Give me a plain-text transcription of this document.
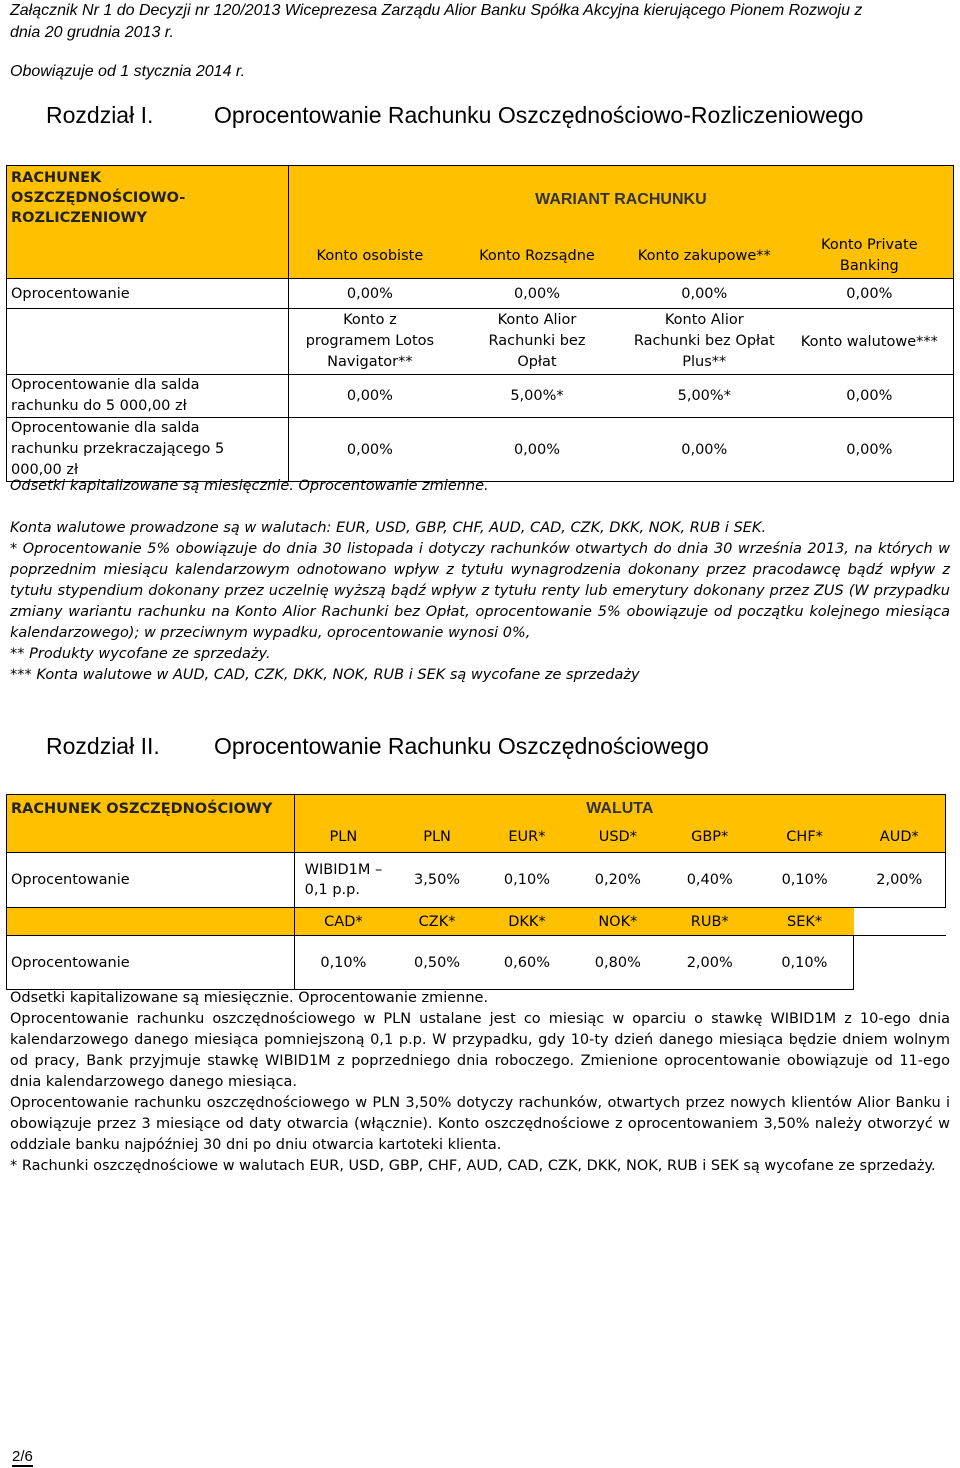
Załącznik Nr 1 do Decyzji nr 120/2013 Wiceprezesa Zarządu Alior Banku Spółka Akcyjna kierującego Pionem Rozwoju z
dnia 20 grudnia 2013 r.
Obowiązuje od 1 stycznia 2014 r.
Rozdział I.	Oprocentowanie Rachunku Oszczędnościowo-Rozliczeniowego
RACHUNEK
OSZCZĘDNOŚCIOWO-
ROZLICZENIOWY	WARIANT RACHUNKU			
	Konto osobiste	Konto Rozsądne	Konto zakupowe**	Konto Private Banking
Oprocentowanie	0,00%	0,00%	0,00%	0,00%
	Konto z programem Lotos Navigator**	Konto Alior Rachunki bez Opłat	Konto Alior Rachunki bez Opłat Plus**	Konto walutowe***
Oprocentowanie dla salda rachunku do 5 000,00 zł	0,00%	5,00%*	5,00%*	0,00%
Oprocentowanie dla salda rachunku przekraczającego 5 000,00 zł	0,00%	0,00%	0,00%	0,00%
Odsetki kapitalizowane są miesięcznie. Oprocentowanie zmienne.
Konta walutowe prowadzone są w walutach: EUR, USD, GBP, CHF, AUD, CAD, CZK, DKK, NOK, RUB i SEK.
* Oprocentowanie 5% obowiązuje do dnia 30 listopada i dotyczy rachunków otwartych do dnia 30 września 2013, na których w poprzednim miesiącu kalendarzowym odnotowano wpływ z tytułu wynagrodzenia dokonany przez pracodawcę bądź wpływ z tytułu stypendium dokonany przez uczelnię wyższą bądź wpływ z tytułu renty lub emerytury dokonany przez ZUS (W przypadku zmiany wariantu rachunku na Konto Alior Rachunki bez Opłat, oprocentowanie 5% obowiązuje od początku kolejnego miesiąca kalendarzowego); w przeciwnym wypadku, oprocentowanie wynosi 0%,
** Produkty wycofane ze sprzedaży.
*** Konta walutowe w AUD, CAD, CZK, DKK, NOK, RUB i SEK są wycofane ze sprzedaży
Rozdział II. Oprocentowanie Rachunku Oszczędnościowego
RACHUNEK OSZCZĘDNOŚCIOWY	WALUTA						
	PLN	PLN	EUR*	USD*	GBP*	CHF*	AUD*
Oprocentowanie	WIBID1M – 0,1 p.p.	3,50%	0,10%	0,20%	0,40%	0,10%	2,00%
	CAD*	CZK*	DKK*	NOK*	RUB*	SEK*	
Oprocentowanie	0,10%	0,50%	0,60%	0,80%	2,00%	0,10%	
Odsetki kapitalizowane są miesięcznie. Oprocentowanie zmienne.
Oprocentowanie rachunku oszczędnościowego w PLN ustalane jest co miesiąc w oparciu o stawkę WIBID1M z 10-ego dnia kalendarzowego danego miesiąca pomniejszoną 0,1 p.p. W przypadku, gdy 10-ty dzień danego miesiąca będzie dniem wolnym od pracy, Bank przyjmuje stawkę WIBID1M z poprzedniego dnia roboczego. Zmienione oprocentowanie obowiązuje od 11-ego dnia kalendarzowego danego miesiąca.
Oprocentowanie rachunku oszczędnościowego w PLN 3,50% dotyczy rachunków, otwartych przez nowych klientów Alior Banku i obowiązuje przez 3 miesiące od daty otwarcia (włącznie). Konto oszczędnościowe z oprocentowaniem 3,50% należy otworzyć w oddziale banku najpóźniej 30 dni po dniu otwarcia kartoteki klienta.
* Rachunki oszczędnościowe w walutach EUR, USD, GBP, CHF, AUD, CAD, CZK, DKK, NOK, RUB i SEK są wycofane ze sprzedaży.
2/6
